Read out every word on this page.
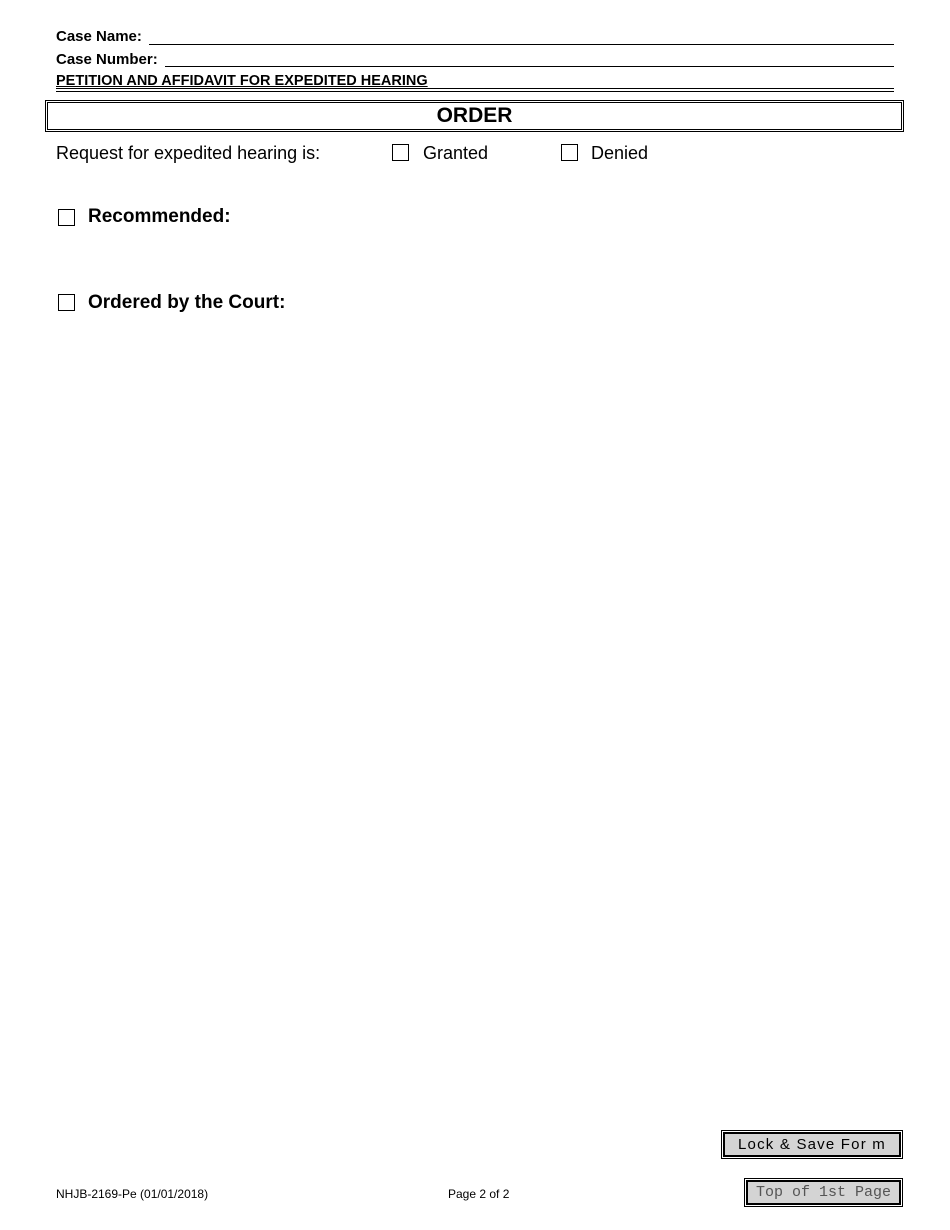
Case Name:
Case Number:
PETITION AND AFFIDAVIT FOR EXPEDITED HEARING
ORDER
Request for expedited hearing is:	Granted	Denied
Recommended:
Ordered by the Court:
Lock & Save For m
Top of 1st Page
NHJB-2169-Pe (01/01/2018)	Page 2 of 2
